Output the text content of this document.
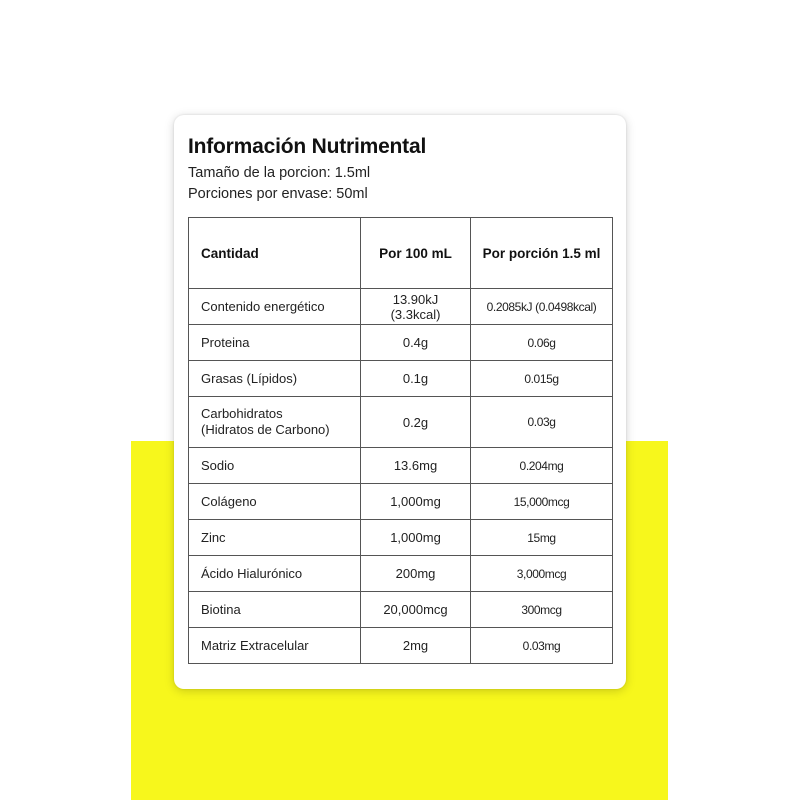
Información Nutrimental

Tamaño de la porcion: 1.5ml

Porciones por envase: 50ml

Cantidad	Por 100 mL	Por porción 1.5 ml
Contenido energético	13.90kJ (3.3kcal)	0.2085kJ (0.0498kcal)
Proteina	0.4g	0.06g
Grasas (Lípidos)	0.1g	0.015g

Carbohidratos
(Hidratos de Carbono)	0.2g	0.03g
Sodio	13.6mg	0.204mg
Colágeno	1,000mg	15,000mcg
Zinc	1,000mg	15mg
Ácido Hialurónico	200mg	3,000mcg
Biotina	20,000mcg	300mcg
Matriz Extracelular	2mg	0.03mg
